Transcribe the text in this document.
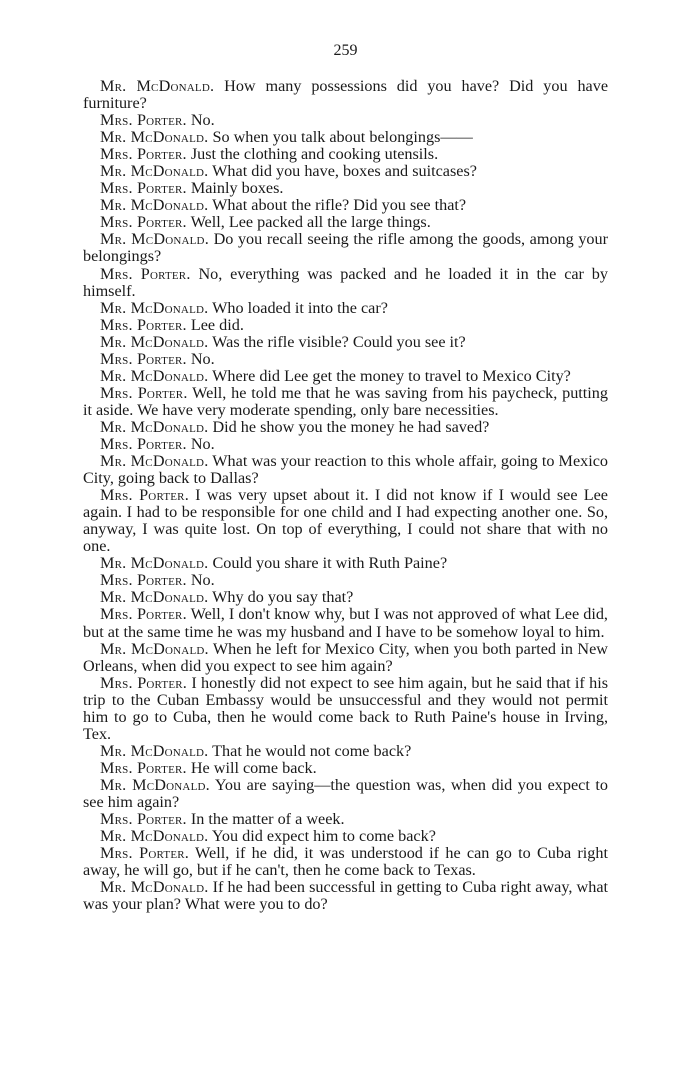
259

Mr. McDonald. How many possessions did you have? Did you have furniture?

Mrs. Porter. No.

Mr. McDonald. So when you talk about belongings——

Mrs. Porter. Just the clothing and cooking utensils.

Mr. McDonald. What did you have, boxes and suitcases?

Mrs. Porter. Mainly boxes.

Mr. McDonald. What about the rifle? Did you see that?

Mrs. Porter. Well, Lee packed all the large things.

Mr. McDonald. Do you recall seeing the rifle among the goods, among your belongings?

Mrs. Porter. No, everything was packed and he loaded it in the car by himself.

Mr. McDonald. Who loaded it into the car?

Mrs. Porter. Lee did.

Mr. McDonald. Was the rifle visible? Could you see it?

Mrs. Porter. No.

Mr. McDonald. Where did Lee get the money to travel to Mexico City?

Mrs. Porter. Well, he told me that he was saving from his paycheck, putting it aside. We have very moderate spending, only bare necessities.

Mr. McDonald. Did he show you the money he had saved?

Mrs. Porter. No.

Mr. McDonald. What was your reaction to this whole affair, going to Mexico City, going back to Dallas?

Mrs. Porter. I was very upset about it. I did not know if I would see Lee again. I had to be responsible for one child and I had expecting another one. So, anyway, I was quite lost. On top of everything, I could not share that with no one.

Mr. McDonald. Could you share it with Ruth Paine?

Mrs. Porter. No.

Mr. McDonald. Why do you say that?

Mrs. Porter. Well, I don't know why, but I was not approved of what Lee did, but at the same time he was my husband and I have to be somehow loyal to him.

Mr. McDonald. When he left for Mexico City, when you both parted in New Orleans, when did you expect to see him again?

Mrs. Porter. I honestly did not expect to see him again, but he said that if his trip to the Cuban Embassy would be unsuccessful and they would not permit him to go to Cuba, then he would come back to Ruth Paine's house in Irving, Tex.

Mr. McDonald. That he would not come back?

Mrs. Porter. He will come back.

Mr. McDonald. You are saying—the question was, when did you expect to see him again?

Mrs. Porter. In the matter of a week.

Mr. McDonald. You did expect him to come back?

Mrs. Porter. Well, if he did, it was understood if he can go to Cuba right away, he will go, but if he can't, then he come back to Texas.

Mr. McDonald. If he had been successful in getting to Cuba right away, what was your plan? What were you to do?
